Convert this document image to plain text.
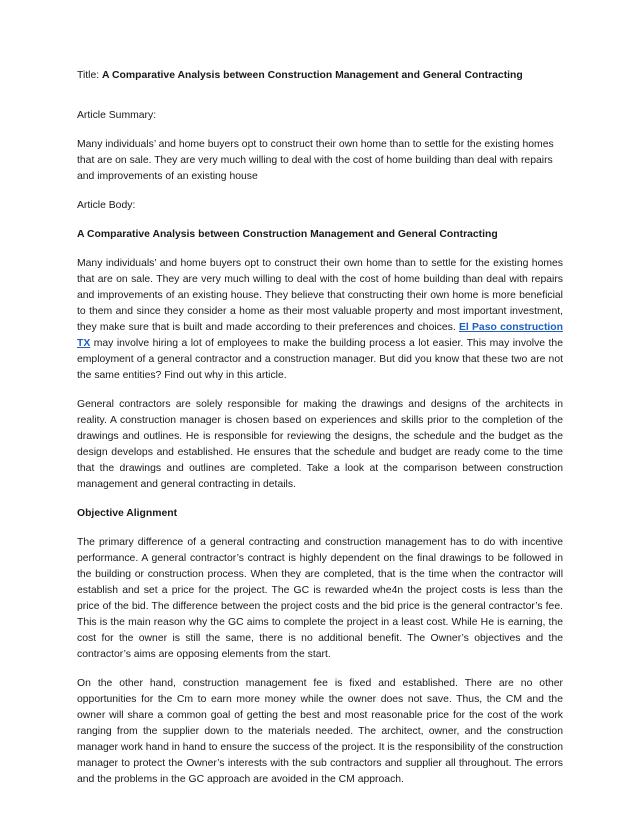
Title: A Comparative Analysis between Construction Management and General Contracting

Article Summary:

Many individuals’ and home buyers opt to construct their own home than to settle for the existing homes that are on sale. They are very much willing to deal with the cost of home building than deal with repairs and improvements of an existing house

Article Body:

A Comparative Analysis between Construction Management and General Contracting

Many individuals’ and home buyers opt to construct their own home than to settle for the existing homes that are on sale. They are very much willing to deal with the cost of home building than deal with repairs and improvements of an existing house. They believe that constructing their own home is more beneficial to them and since they consider a home as their most valuable property and most important investment, they make sure that is built and made according to their preferences and choices. El Paso construction TX may involve hiring a lot of employees to make the building process a lot easier. This may involve the employment of a general contractor and a construction manager. But did you know that these two are not the same entities? Find out why in this article.

General contractors are solely responsible for making the drawings and designs of the architects in reality. A construction manager is chosen based on experiences and skills prior to the completion of the drawings and outlines. He is responsible for reviewing the designs, the schedule and the budget as the design develops and established. He ensures that the schedule and budget are ready come to the time that the drawings and outlines are completed. Take a look at the comparison between construction management and general contracting in details.

Objective Alignment

The primary difference of a general contracting and construction management has to do with incentive performance. A general contractor’s contract is highly dependent on the final drawings to be followed in the building or construction process. When they are completed, that is the time when the contractor will establish and set a price for the project. The GC is rewarded whe4n the project costs is less than the price of the bid. The difference between the project costs and the bid price is the general contractor’s fee. This is the main reason why the GC aims to complete the project in a least cost. While He is earning, the cost for the owner is still the same, there is no additional benefit. The Owner’s objectives and the contractor’s aims are opposing elements from the start.

On the other hand, construction management fee is fixed and established. There are no other opportunities for the Cm to earn more money while the owner does not save. Thus, the CM and the owner will share a common goal of getting the best and most reasonable price for the cost of the work ranging from the supplier down to the materials needed. The architect, owner, and the construction manager work hand in hand to ensure the success of the project. It is the responsibility of the construction manager to protect the Owner’s interests with the sub contractors and supplier all throughout. The errors and the problems in the GC approach are avoided in the CM approach.
